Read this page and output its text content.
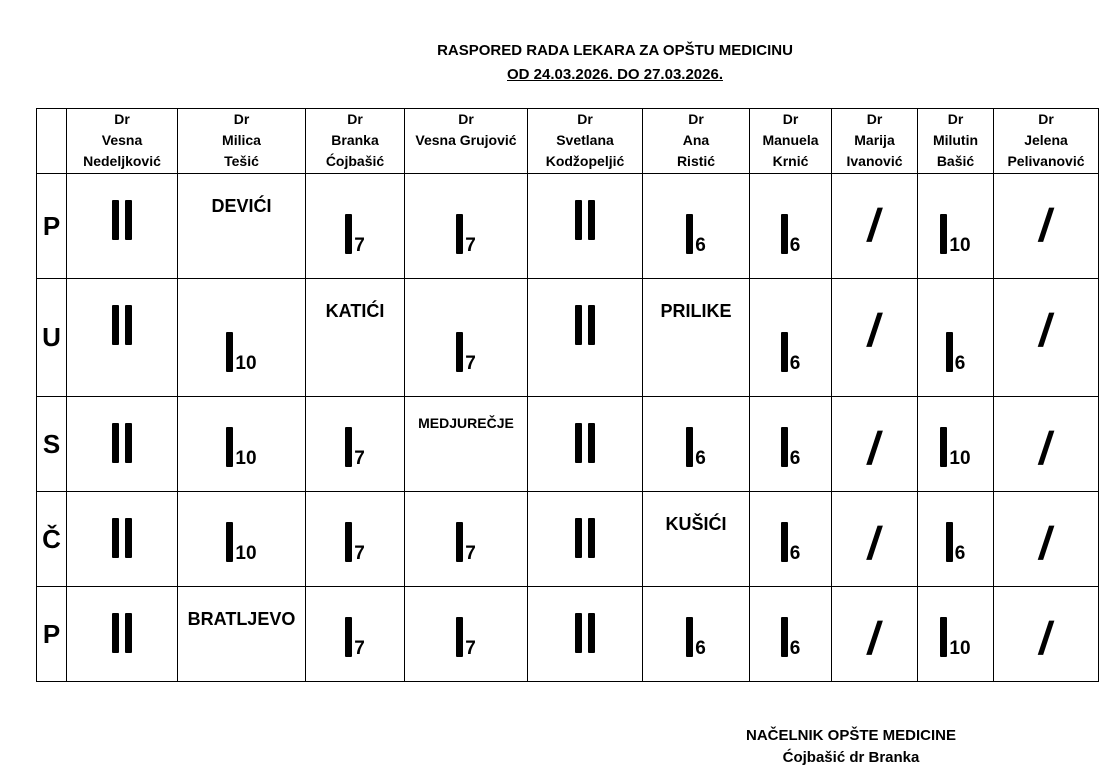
RASPORED RADA LEKARA ZA OPŠTU MEDICINU
OD 24.03.2026. DO 27.03.2026.

	Dr
Vesna
Nedeljković	Dr
Milica
Tešić	Dr
Branka
Ćojbašić	Dr
Vesna Grujović	Dr
Svetlana
Kodžopeljić	Dr
Ana
Ristić	Dr
Manuela
Krnić	Dr
Marija
Ivanović	Dr
Milutin
Bašić	Dr
Jelena
Pelivanović

P		DEVIĆI	7	7		6	6	/	10	/

U		10	KATIĆI	7		PRILIKE	6	/	6	/

S		10	7	MEDJUREČJE		6	6	/	10	/

Č		10	7	7		KUŠIĆI	6	/	6	/

P		BRATLJEVO	7	7		6	6	/	10	/
NAČELNIK OPŠTE MEDICINE
Ćojbašić dr Branka
